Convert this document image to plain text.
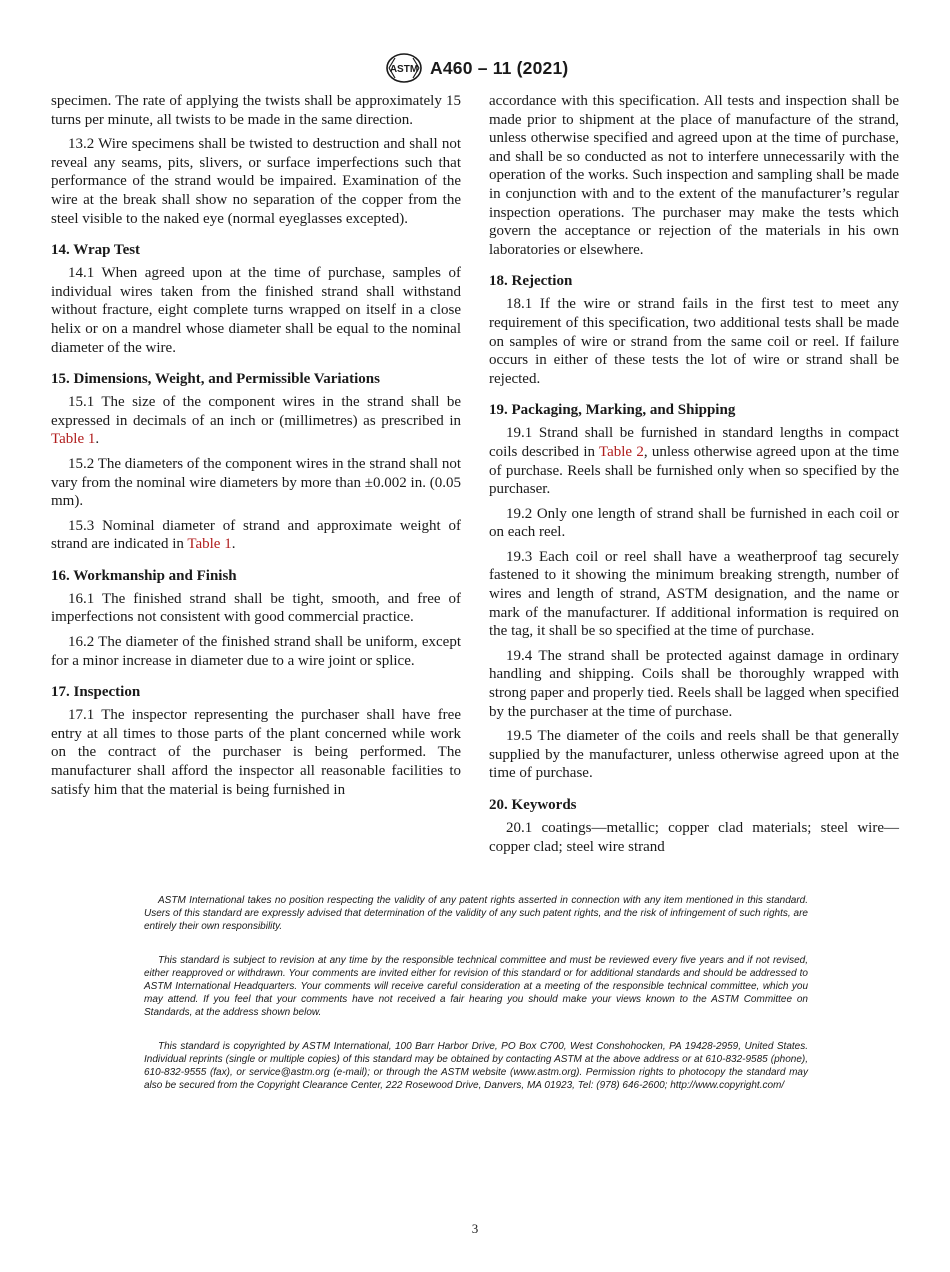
ASTM A460 – 11 (2021)

specimen. The rate of applying the twists shall be approximately 15 turns per minute, all twists to be made in the same direction.

13.2 Wire specimens shall be twisted to destruction and shall not reveal any seams, pits, slivers, or surface imperfections such that performance of the strand would be impaired. Examination of the wire at the break shall show no separation of the copper from the steel visible to the naked eye (normal eyeglasses excepted).

14. Wrap Test

14.1 When agreed upon at the time of purchase, samples of individual wires taken from the finished strand shall withstand without fracture, eight complete turns wrapped on itself in a close helix or on a mandrel whose diameter shall be equal to the nominal diameter of the wire.

15. Dimensions, Weight, and Permissible Variations

15.1 The size of the component wires in the strand shall be expressed in decimals of an inch or (millimetres) as prescribed in Table 1.

15.2 The diameters of the component wires in the strand shall not vary from the nominal wire diameters by more than ±0.002 in. (0.05 mm).

15.3 Nominal diameter of strand and approximate weight of strand are indicated in Table 1.

16. Workmanship and Finish

16.1 The finished strand shall be tight, smooth, and free of imperfections not consistent with good commercial practice.

16.2 The diameter of the finished strand shall be uniform, except for a minor increase in diameter due to a wire joint or splice.

17. Inspection

17.1 The inspector representing the purchaser shall have free entry at all times to those parts of the plant concerned while work on the contract of the purchaser is being performed. The manufacturer shall afford the inspector all reasonable facilities to satisfy him that the material is being furnished in

accordance with this specification. All tests and inspection shall be made prior to shipment at the place of manufacture of the strand, unless otherwise specified and agreed upon at the time of purchase, and shall be so conducted as not to interfere unnecessarily with the operation of the works. Such inspection and sampling shall be made in conjunction with and to the extent of the manufacturer’s regular inspection operations. The purchaser may make the tests which govern the acceptance or rejection of the materials in his own laboratories or elsewhere.

18. Rejection

18.1 If the wire or strand fails in the first test to meet any requirement of this specification, two additional tests shall be made on samples of wire or strand from the same coil or reel. If failure occurs in either of these tests the lot of wire or strand shall be rejected.

19. Packaging, Marking, and Shipping

19.1 Strand shall be furnished in standard lengths in compact coils described in Table 2, unless otherwise agreed upon at the time of purchase. Reels shall be furnished only when so specified by the purchaser.

19.2 Only one length of strand shall be furnished in each coil or on each reel.

19.3 Each coil or reel shall have a weatherproof tag securely fastened to it showing the minimum breaking strength, number of wires and length of strand, ASTM designation, and the name or mark of the manufacturer. If additional information is required on the tag, it shall be so specified at the time of purchase.

19.4 The strand shall be protected against damage in ordinary handling and shipping. Coils shall be thoroughly wrapped with strong paper and properly tied. Reels shall be lagged when specified by the purchaser at the time of purchase.

19.5 The diameter of the coils and reels shall be that generally supplied by the manufacturer, unless otherwise agreed upon at the time of purchase.

20. Keywords

20.1 coatings—metallic; copper clad materials; steel wire—copper clad; steel wire strand

ASTM International takes no position respecting the validity of any patent rights asserted in connection with any item mentioned in this standard. Users of this standard are expressly advised that determination of the validity of any such patent rights, and the risk of infringement of such rights, are entirely their own responsibility.

This standard is subject to revision at any time by the responsible technical committee and must be reviewed every five years and if not revised, either reapproved or withdrawn. Your comments are invited either for revision of this standard or for additional standards and should be addressed to ASTM International Headquarters. Your comments will receive careful consideration at a meeting of the responsible technical committee, which you may attend. If you feel that your comments have not received a fair hearing you should make your views known to the ASTM Committee on Standards, at the address shown below.

This standard is copyrighted by ASTM International, 100 Barr Harbor Drive, PO Box C700, West Conshohocken, PA 19428-2959, United States. Individual reprints (single or multiple copies) of this standard may be obtained by contacting ASTM at the above address or at 610-832-9585 (phone), 610-832-9555 (fax), or service@astm.org (e-mail); or through the ASTM website (www.astm.org). Permission rights to photocopy the standard may also be secured from the Copyright Clearance Center, 222 Rosewood Drive, Danvers, MA 01923, Tel: (978) 646-2600; http://www.copyright.com/

3
